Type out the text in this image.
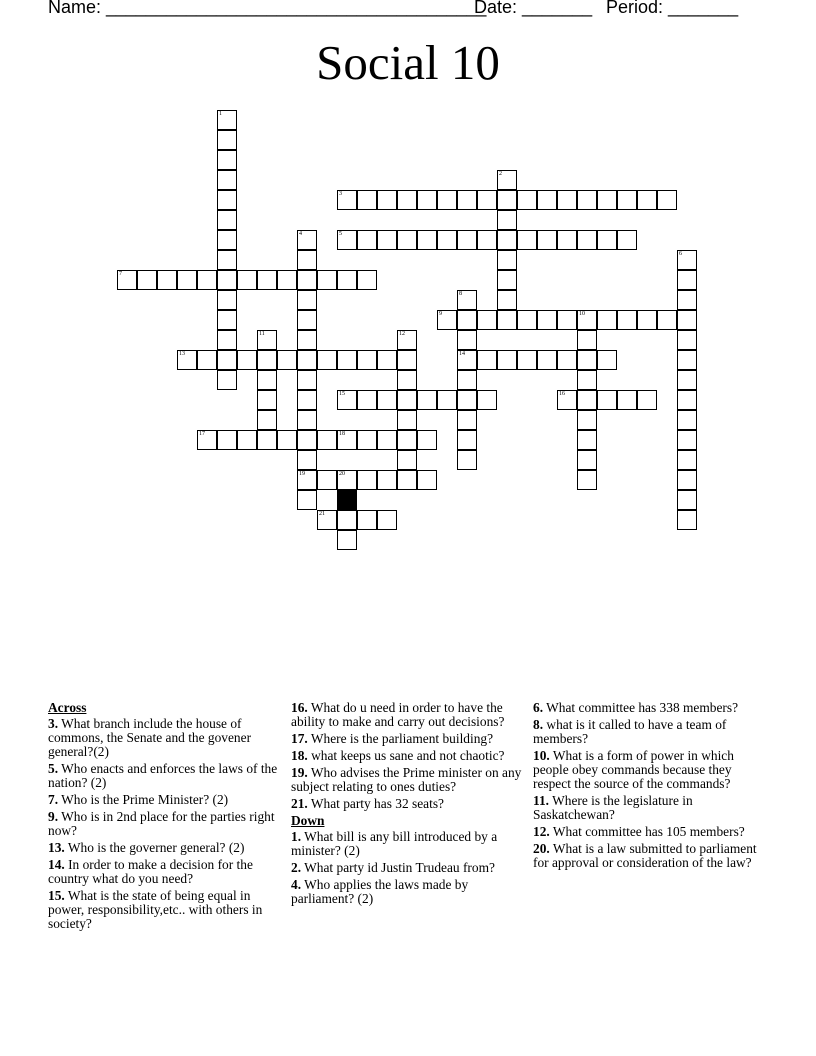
Name: ______________________________________
Date: _______ Period: _______
Social 10
1
2
3
4
19
5
6
7
8
14
9	10
11	12
13
15	16
17	18
20
21
Across
3. What branch include the house of commons, the Senate and the govener general?(2)
5. Who enacts and enforces the laws of the nation? (2)
7. Who is the Prime Minister? (2)
9. Who is in 2nd place for the parties right now?
13. Who is the governer general? (2)
14. In order to make a decision for the country what do you need?
15. What is the state of being equal in power, responsibility,etc.. with others in society?
16. What do u need in order to have the ability to make and carry out decisions?
17. Where is the parliament building?
18. what keeps us sane and not chaotic?
19. Who advises the Prime minister on any subject relating to ones duties?
21. What party has 32 seats?
Down
1. What bill is any bill introduced by a minister? (2)
2. What party id Justin Trudeau from?
4. Who applies the laws made by parliament? (2)
6. What committee has 338 members?
8. what is it called to have a team of members?
10. What is a form of power in which people obey commands because they respect the source of the commands?
11. Where is the legislature in Saskatchewan?
12. What committee has 105 members?
20. What is a law submitted to parliament for approval or consideration of the law?
